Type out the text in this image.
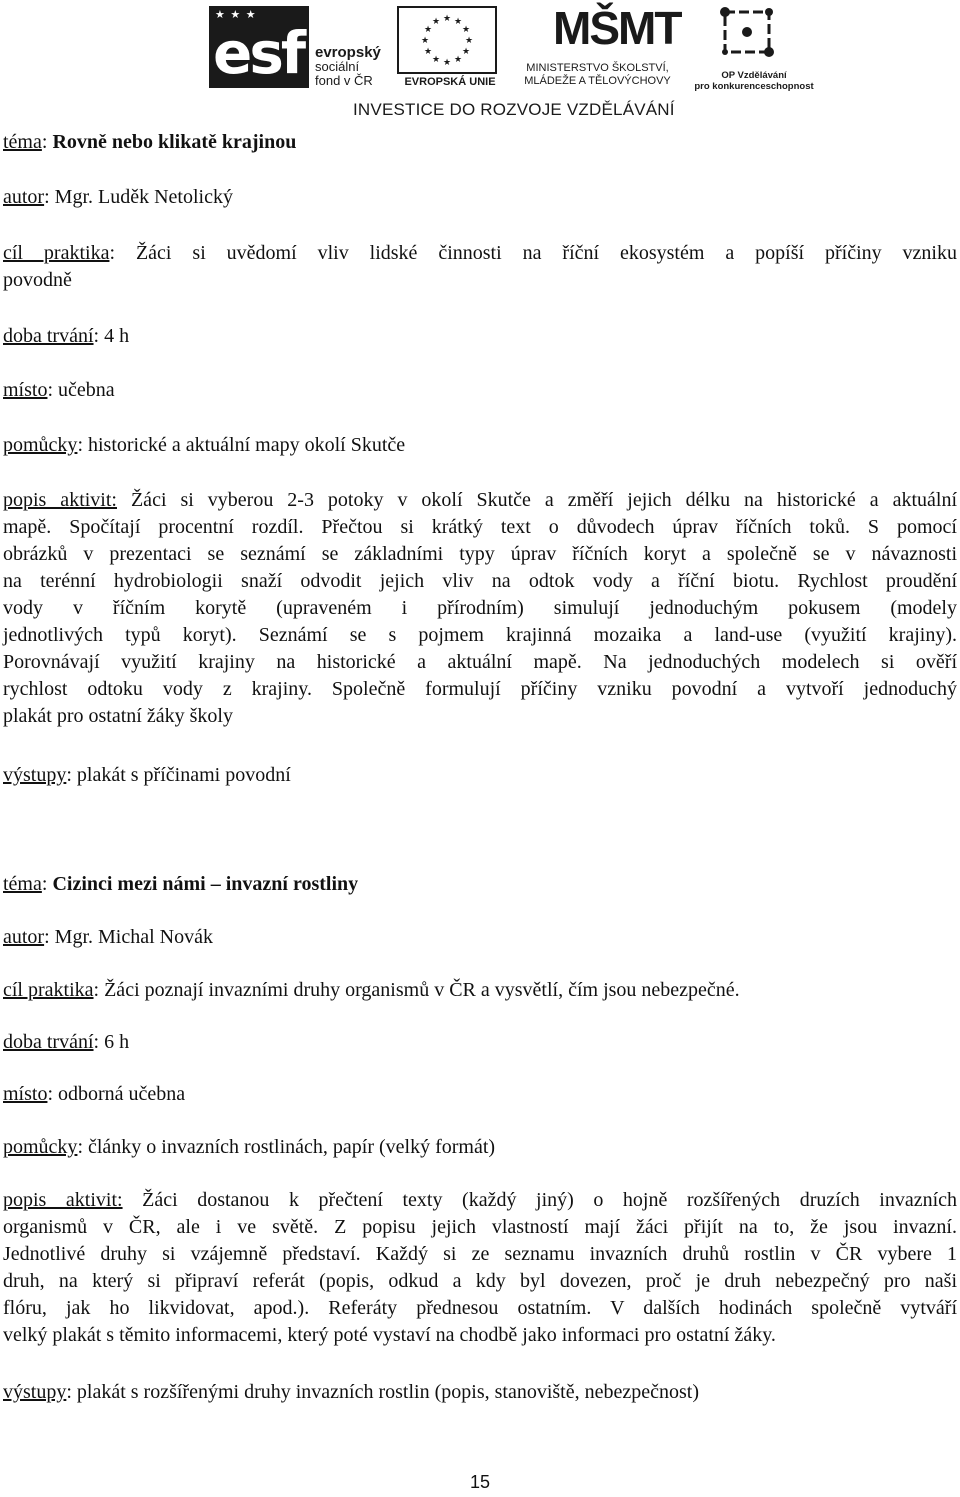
★ ★ ★
esf evropský
sociální
fond v ČR
★ ★
★
★
★
★
★
★
★
★
★
★
EVROPSKÁ UNIE
MŠMT
MINISTERSTVO ŠKOLSTVÍ,
MLÁDEŽE A TĚLOVÝCHOVY	OP Vzdělávání
pro konkurenceschopnost
INVESTICE DO ROZVOJE VZDĚLÁVÁNÍ
téma: Rovně nebo klikatě krajinou
autor: Mgr. Luděk Netolický
cíl praktika: Žáci si uvědomí vliv lidské činnosti na říční ekosystém a popíší příčiny vzniku
povodně
doba trvání: 4 h
místo: učebna
pomůcky: historické a aktuální mapy okolí Skutče
popis aktivit: Žáci si vyberou 2-3 potoky v okolí Skutče a změří jejich délku na historické a aktuální
mapě. Spočítají procentní rozdíl. Přečtou si krátký text o důvodech úprav říčních toků. S pomocí
obrázků v prezentaci se seznámí se základními typy úprav říčních koryt a společně se v návaznosti
na terénní hydrobiologii snaží odvodit jejich vliv na odtok vody a říční biotu. Rychlost proudění
vody v říčním korytě (upraveném i přírodním) simulují jednoduchým pokusem (modely
jednotlivých typů koryt). Seznámí se s pojmem krajinná mozaika a land-use (využití krajiny).
Porovnávají využití krajiny na historické a aktuální mapě. Na jednoduchých modelech si ověří
rychlost odtoku vody z krajiny. Společně formulují příčiny vzniku povodní a vytvoří jednoduchý
plakát pro ostatní žáky školy
výstupy: plakát s příčinami povodní
téma: Cizinci mezi námi – invazní rostliny
autor: Mgr. Michal Novák
cíl praktika: Žáci poznají invazními druhy organismů v ČR a vysvětlí, čím jsou nebezpečné.
doba trvání: 6 h
místo: odborná učebna
pomůcky: články o invazních rostlinách, papír (velký formát)
popis aktivit: Žáci dostanou k přečtení texty (každý jiný) o hojně rozšířených druzích invazních
organismů v ČR, ale i ve světě. Z popisu jejich vlastností mají žáci přijít na to, že jsou invazní.
Jednotlivé druhy si vzájemně představí. Každý si ze seznamu invazních druhů rostlin v ČR vybere 1
druh, na který si připraví referát (popis, odkud a kdy byl dovezen, proč je druh nebezpečný pro naši
flóru, jak ho likvidovat, apod.). Referáty přednesou ostatním. V dalších hodinách společně vytváří
velký plakát s těmito informacemi, který poté vystaví na chodbě jako informaci pro ostatní žáky.
výstupy: plakát s rozšířenými druhy invazních rostlin (popis, stanoviště, nebezpečnost)
15
